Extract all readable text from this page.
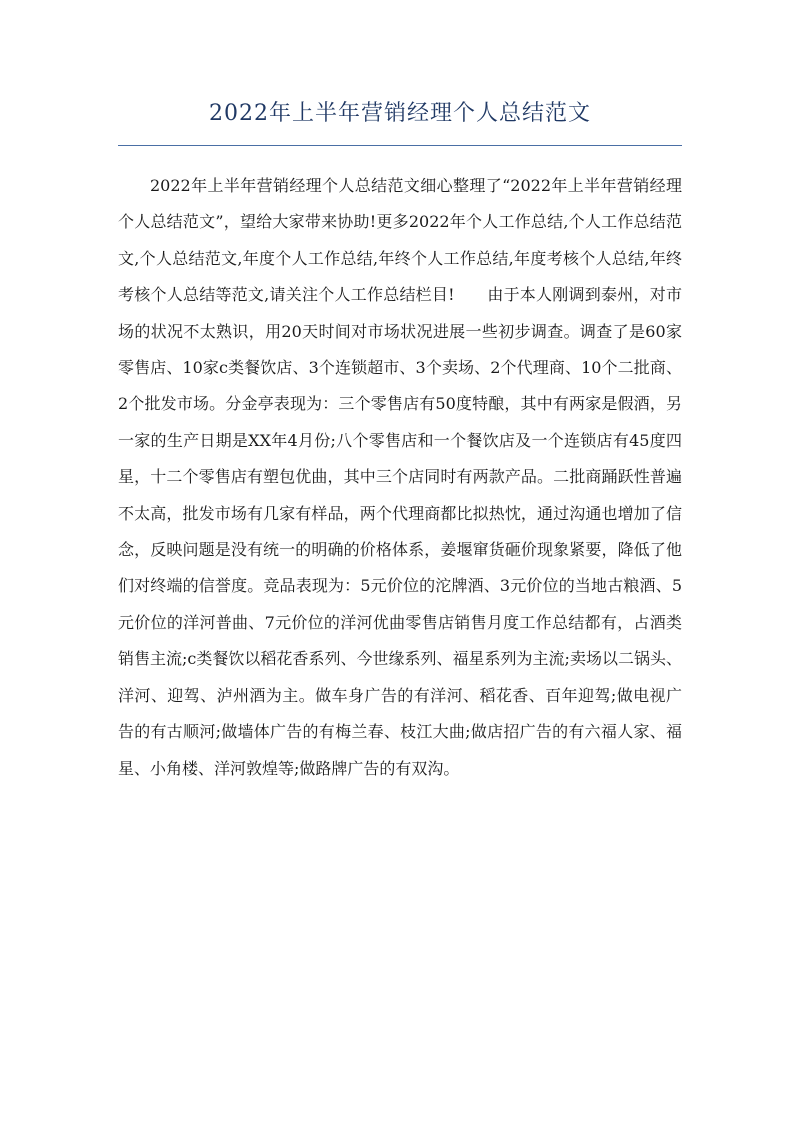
2022年上半年营销经理个人总结范文

2022年上半年营销经理个人总结范文细心整理了“2022年上半年营销经理个人总结范文”，望给大家带来协助!更多2022年个人工作总结,个人工作总结范文,个人总结范文,年度个人工作总结,年终个人工作总结,年度考核个人总结,年终考核个人总结等范文,请关注个人工作总结栏目!　　由于本人刚调到泰州，对市场的状况不太熟识，用20天时间对市场状况进展一些初步调查。调查了是60家零售店、10家c类餐饮店、3个连锁超市、3个卖场、2个代理商、10个二批商、2个批发市场。分金亭表现为：三个零售店有50度特酿，其中有两家是假酒，另一家的生产日期是XX年4月份;八个零售店和一个餐饮店及一个连锁店有45度四星，十二个零售店有塑包优曲，其中三个店同时有两款产品。二批商踊跃性普遍不太高，批发市场有几家有样品，两个代理商都比拟热忱，通过沟通也增加了信念，反映问题是没有统一的明确的价格体系，姜堰窜货砸价现象紧要，降低了他们对终端的信誉度。竞品表现为：5元价位的沱牌酒、3元价位的当地古粮酒、5元价位的洋河普曲、7元价位的洋河优曲零售店销售月度工作总结都有，占酒类销售主流;c类餐饮以稻花香系列、今世缘系列、福星系列为主流;卖场以二锅头、洋河、迎驾、泸州酒为主。做车身广告的有洋河、稻花香、百年迎驾;做电视广告的有古顺河;做墙体广告的有梅兰春、枝江大曲;做店招广告的有六福人家、福星、小角楼、洋河敦煌等;做路牌广告的有双沟。
